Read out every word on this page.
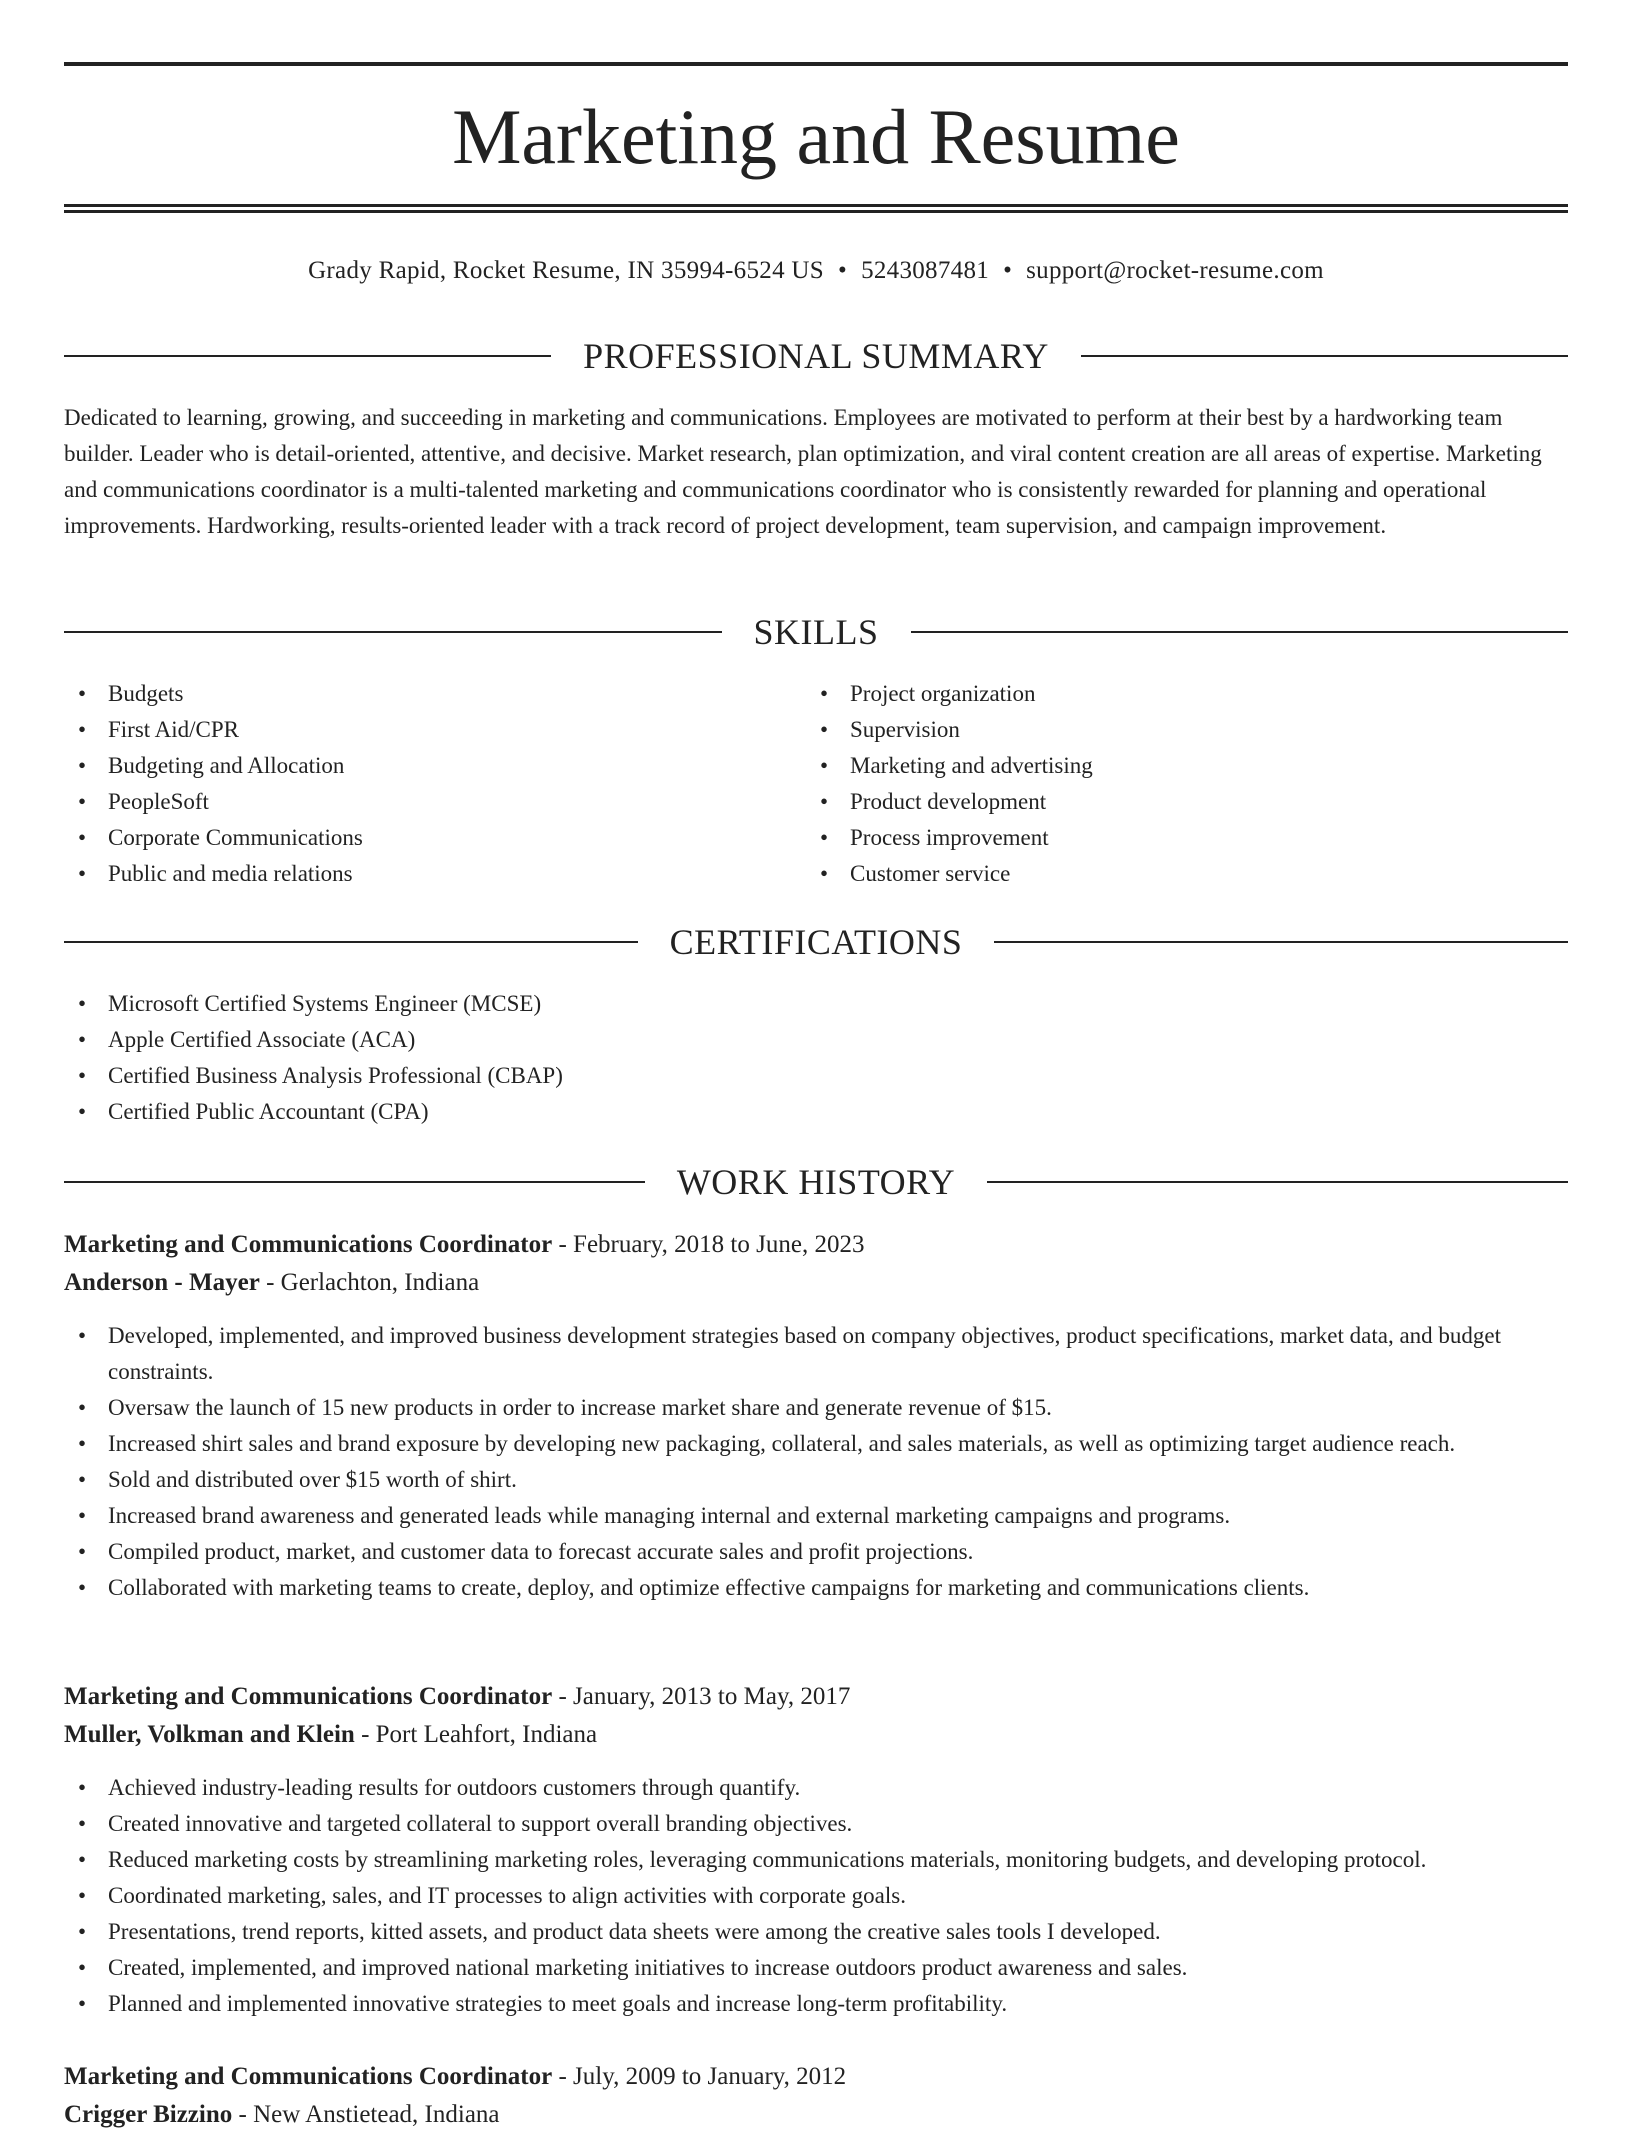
Marketing and Resume
Grady Rapid, Rocket Resume, IN 35994-6524 US • 5243087481 • support@rocket-resume.com
PROFESSIONAL SUMMARY

Dedicated to learning, growing, and succeeding in marketing and communications. Employees are motivated to perform at their best by a hardworking team builder. Leader who is detail-oriented, attentive, and decisive. Market research, plan optimization, and viral content creation are all areas of expertise. Marketing and communications coordinator is a multi-talented marketing and communications coordinator who is consistently rewarded for planning and operational improvements. Hardworking, results-oriented leader with a track record of project development, team supervision, and campaign improvement.

SKILLS
• Budgets
• First Aid/CPR
• Budgeting and Allocation
• PeopleSoft
• Corporate Communications
• Public and media relations
• Project organization
• Supervision
• Marketing and advertising
• Product development
• Process improvement
• Customer service
CERTIFICATIONS
• Microsoft Certified Systems Engineer (MCSE)
• Apple Certified Associate (ACA)
• Certified Business Analysis Professional (CBAP)
• Certified Public Accountant (CPA)
WORK HISTORY
Marketing and Communications Coordinator - February, 2018 to June, 2023
Anderson - Mayer - Gerlachton, Indiana
• Developed, implemented, and improved business development strategies based on company objectives, product specifications, market data, and budget constraints.
• Oversaw the launch of 15 new products in order to increase market share and generate revenue of $15.
• Increased shirt sales and brand exposure by developing new packaging, collateral, and sales materials, as well as optimizing target audience reach.
• Sold and distributed over $15 worth of shirt.
• Increased brand awareness and generated leads while managing internal and external marketing campaigns and programs.
• Compiled product, market, and customer data to forecast accurate sales and profit projections.
• Collaborated with marketing teams to create, deploy, and optimize effective campaigns for marketing and communications clients.
Marketing and Communications Coordinator - January, 2013 to May, 2017
Muller, Volkman and Klein - Port Leahfort, Indiana
• Achieved industry-leading results for outdoors customers through quantify.
• Created innovative and targeted collateral to support overall branding objectives.
• Reduced marketing costs by streamlining marketing roles, leveraging communications materials, monitoring budgets, and developing protocol.
• Coordinated marketing, sales, and IT processes to align activities with corporate goals.
• Presentations, trend reports, kitted assets, and product data sheets were among the creative sales tools I developed.
• Created, implemented, and improved national marketing initiatives to increase outdoors product awareness and sales.
• Planned and implemented innovative strategies to meet goals and increase long-term profitability.
Marketing and Communications Coordinator - July, 2009 to January, 2012
Crigger Bizzino - New Anstietead, Indiana
